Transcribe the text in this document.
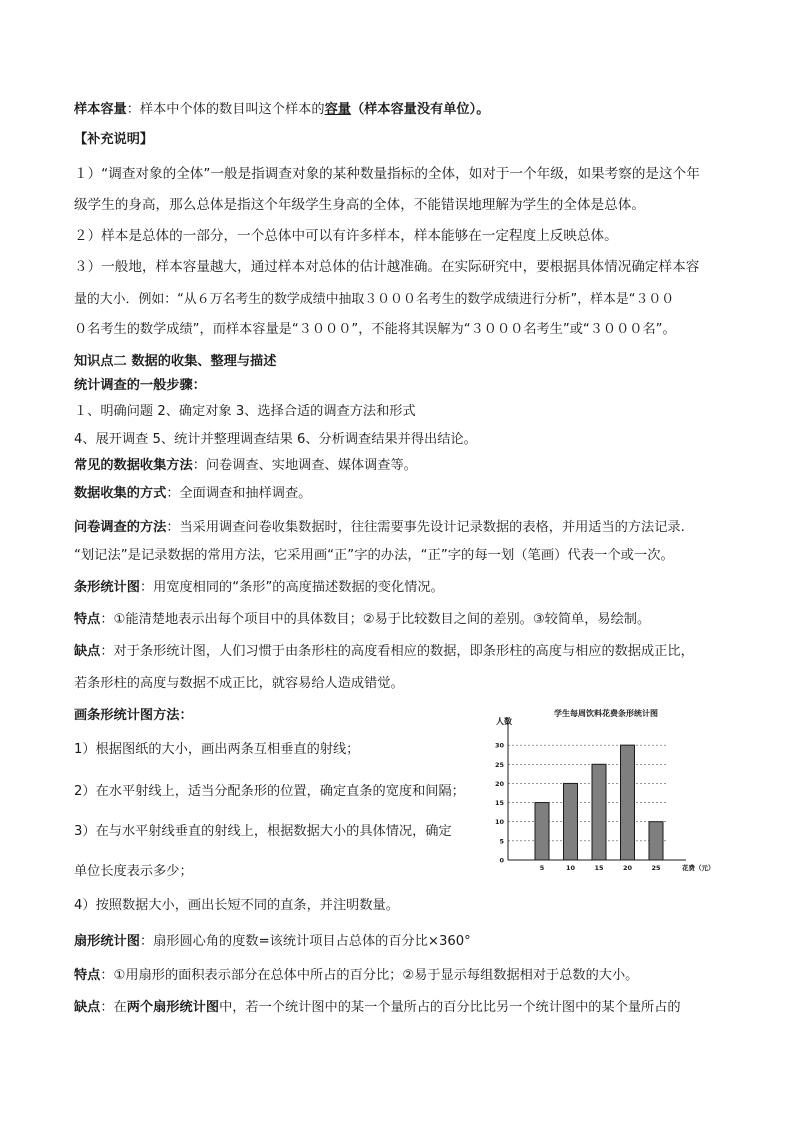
样本容量：样本中个体的数目叫这个样本的容量（样本容量没有单位）。
【补充说明】
１）“调查对象的全体”一般是指调查对象的某种数量指标的全体，如对于一个年级，如果考察的是这个年
级学生的身高，那么总体是指这个年级学生身高的全体，不能错误地理解为学生的全体是总体。
２）样本是总体的一部分，一个总体中可以有许多样本，样本能够在一定程度上反映总体。
３）一般地，样本容量越大，通过样本对总体的估计越准确。在实际研究中，要根据具体情况确定样本容
量的大小．例如：“从６万名考生的数学成绩中抽取３０００名考生的数学成绩进行分析”，样本是“３００
０名考生的数学成绩”，而样本容量是“３０００”，不能将其误解为“３０００名考生”或“３０００名”。
知识点二 数据的收集、整理与描述
统计调查的一般步骤：
１、明确问题 2、确定对象 3、选择合适的调查方法和形式
4、展开调查 5、统计并整理调查结果 6、分析调查结果并得出结论。
常见的数据收集方法：问卷调查、实地调查、媒体调查等。
数据收集的方式：全面调查和抽样调查。
问卷调查的方法：当采用调查问卷收集数据时，往往需要事先设计记录数据的表格，并用适当的方法记录.
“划记法”是记录数据的常用方法，它采用画“正”字的办法，“正”字的每一划（笔画）代表一个或一次。
条形统计图：用宽度相同的“条形”的高度描述数据的变化情况。
特点：①能清楚地表示出每个项目中的具体数目；②易于比较数目之间的差别。③较简单，易绘制。
缺点：对于条形统计图，人们习惯于由条形柱的高度看相应的数据，即条形柱的高度与相应的数据成正比，
若条形柱的高度与数据不成正比，就容易给人造成错觉。
画条形统计图方法：
1）根据图纸的大小，画出两条互相垂直的射线；
2）在水平射线上，适当分配条形的位置，确定直条的宽度和间隔；
3）在与水平射线垂直的射线上，根据数据大小的具体情况，确定
单位长度表示多少；
4）按照数据大小，画出长短不同的直条，并注明数量。
扇形统计图：扇形圆心角的度数=该统计项目占总体的百分比×360°
特点：①用扇形的面积表示部分在总体中所占的百分比；②易于显示每组数据相对于总数的大小。
缺点：在两个扇形统计图中，若一个统计图中的某一个量所占的百分比比另一个统计图中的某个量所占的
学生每周饮料花费条形统计图
人数
5
10
15
20
25
30
0
5	10	15	20	25	花费（元）
